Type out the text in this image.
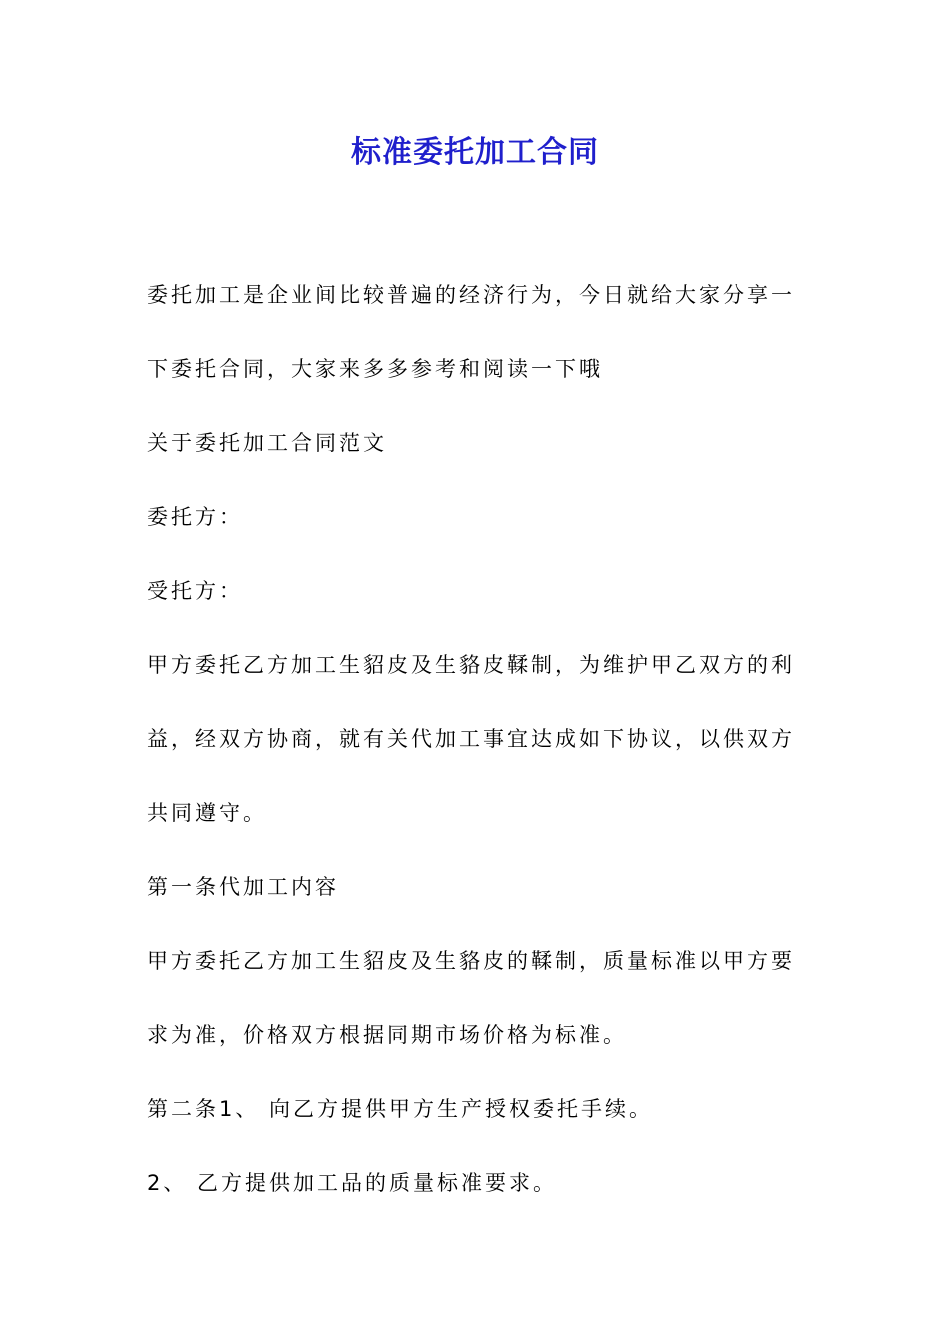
标准委托加工合同
委托加工是企业间比较普遍的经济行为，今日就给大家分享一
下委托合同，大家来多多参考和阅读一下哦
关于委托加工合同范文
委托方：
受托方：
甲方委托乙方加工生貂皮及生貉皮鞣制，为维护甲乙双方的利
益，经双方协商，就有关代加工事宜达成如下协议，以供双方
共同遵守。
第一条代加工内容
甲方委托乙方加工生貂皮及生貉皮的鞣制，质量标准以甲方要
求为准，价格双方根据同期市场价格为标准。
第二条1、 向乙方提供甲方生产授权委托手续。
2、 乙方提供加工品的质量标准要求。
